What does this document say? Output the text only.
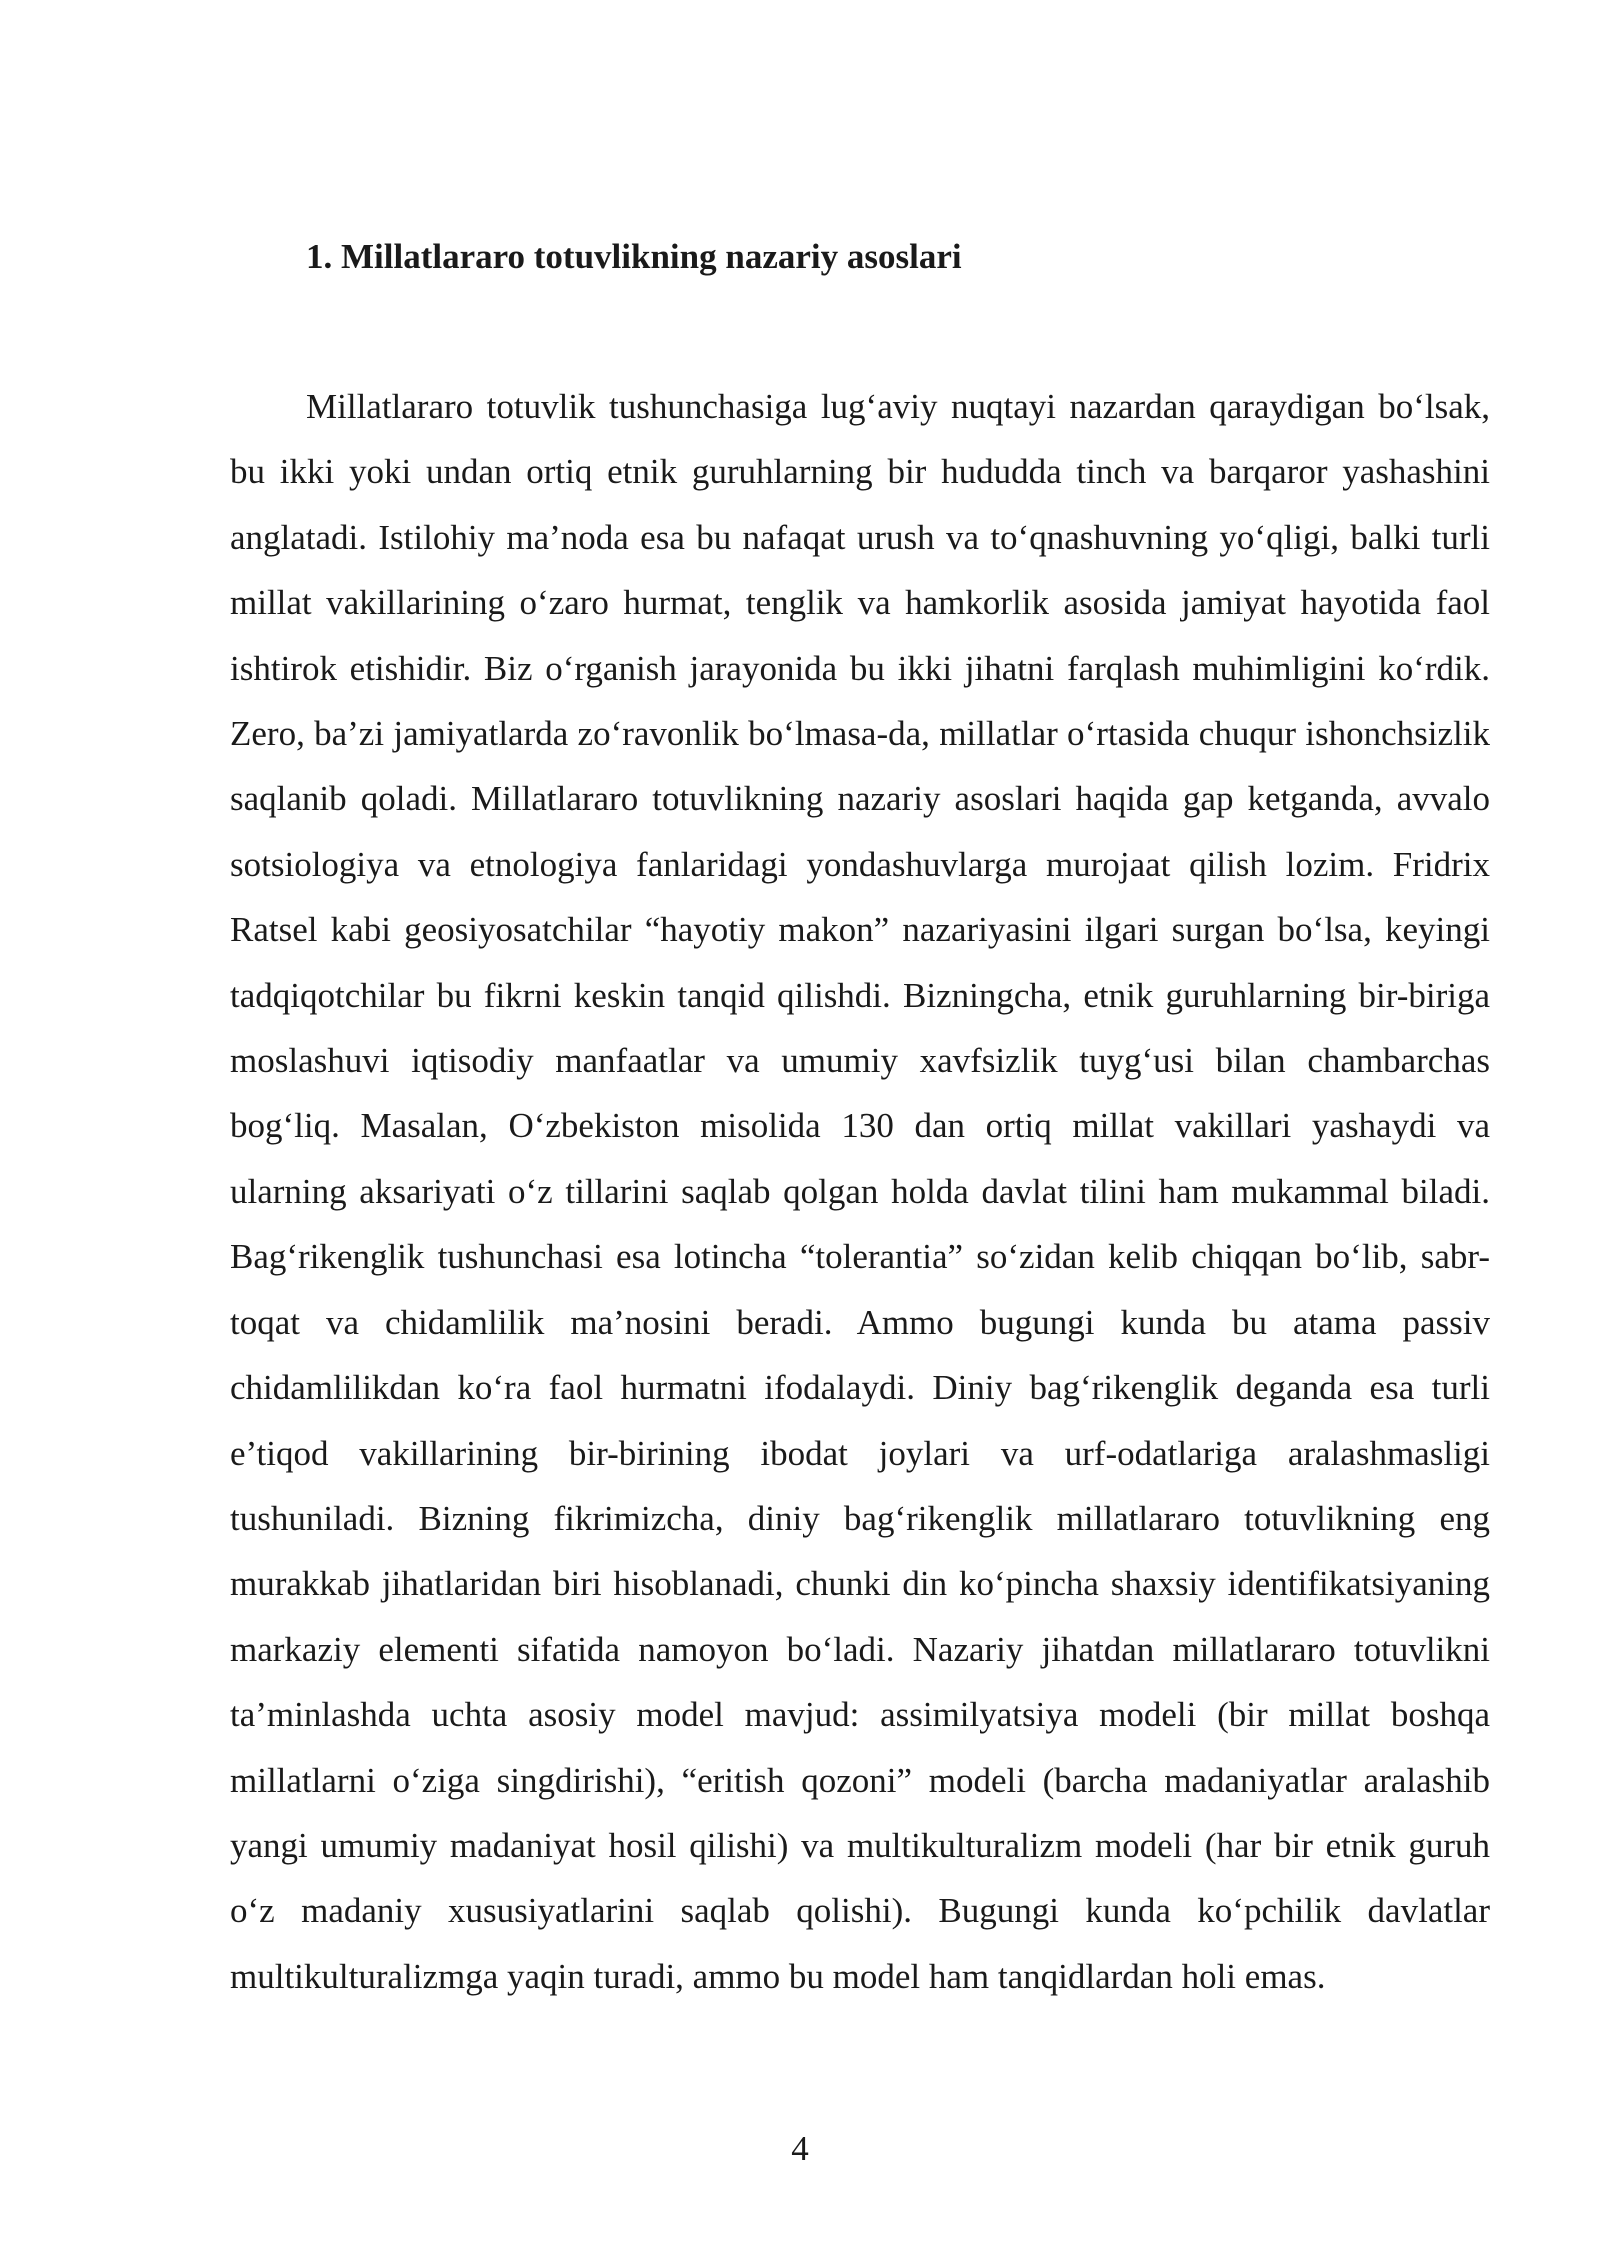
1. Millatlararo totuvlikning nazariy asoslari

Millatlararo totuvlik tushunchasiga lug‘aviy nuqtayi nazardan qaraydigan bo‘lsak, bu ikki yoki undan ortiq etnik guruhlarning bir hududda tinch va barqaror yashashini anglatadi. Istilohiy ma’noda esa bu nafaqat urush va to‘qnashuvning yo‘qligi, balki turli millat vakillarining o‘zaro hurmat, tenglik va hamkorlik asosida jamiyat hayotida faol ishtirok etishidir. Biz o‘rganish jarayonida bu ikki jihatni farqlash muhimligini ko‘rdik. Zero, ba’zi jamiyatlarda zo‘ravonlik bo‘lmasa-da, millatlar o‘rtasida chuqur ishonchsizlik saqlanib qoladi. Millatlararo totuvlikning nazariy asoslari haqida gap ketganda, avvalo sotsiologiya va etnologiya fanlaridagi yondashuvlarga murojaat qilish lozim. Fridrix Ratsel kabi geosiyosatchilar “hayotiy makon” nazariyasini ilgari surgan bo‘lsa, keyingi tadqiqotchilar bu fikrni keskin tanqid qilishdi. Bizningcha, etnik guruhlarning bir-biriga moslashuvi iqtisodiy manfaatlar va umumiy xavfsizlik tuyg‘usi bilan chambarchas bog‘liq. Masalan, O‘zbekiston misolida 130 dan ortiq millat vakillari yashaydi va ularning aksariyati o‘z tillarini saqlab qolgan holda davlat tilini ham mukammal biladi. Bag‘rikenglik tushunchasi esa lotincha “tolerantia” so‘zidan kelib chiqqan bo‘lib, sabr-toqat va chidamlilik ma’nosini beradi. Ammo bugungi kunda bu atama passiv chidamlilikdan ko‘ra faol hurmatni ifodalaydi. Diniy bag‘rikenglik deganda esa turli e’tiqod vakillarining bir-birining ibodat joylari va urf-odatlariga aralashmasligi tushuniladi. Bizning fikrimizcha, diniy bag‘rikenglik millatlararo totuvlikning eng murakkab jihatlaridan biri hisoblanadi, chunki din ko‘pincha shaxsiy identifikatsiyaning markaziy elementi sifatida namoyon bo‘ladi. Nazariy jihatdan millatlararo totuvlikni ta’minlashda uchta asosiy model mavjud: assimilyatsiya modeli (bir millat boshqa millatlarni o‘ziga singdirishi), “eritish qozoni” modeli (barcha madaniyatlar aralashib yangi umumiy madaniyat hosil qilishi) va multikulturalizm modeli (har bir etnik guruh o‘z madaniy xususiyatlarini saqlab qolishi). Bugungi kunda ko‘pchilik davlatlar multikulturalizmga yaqin turadi, ammo bu model ham tanqidlardan holi emas.

4
